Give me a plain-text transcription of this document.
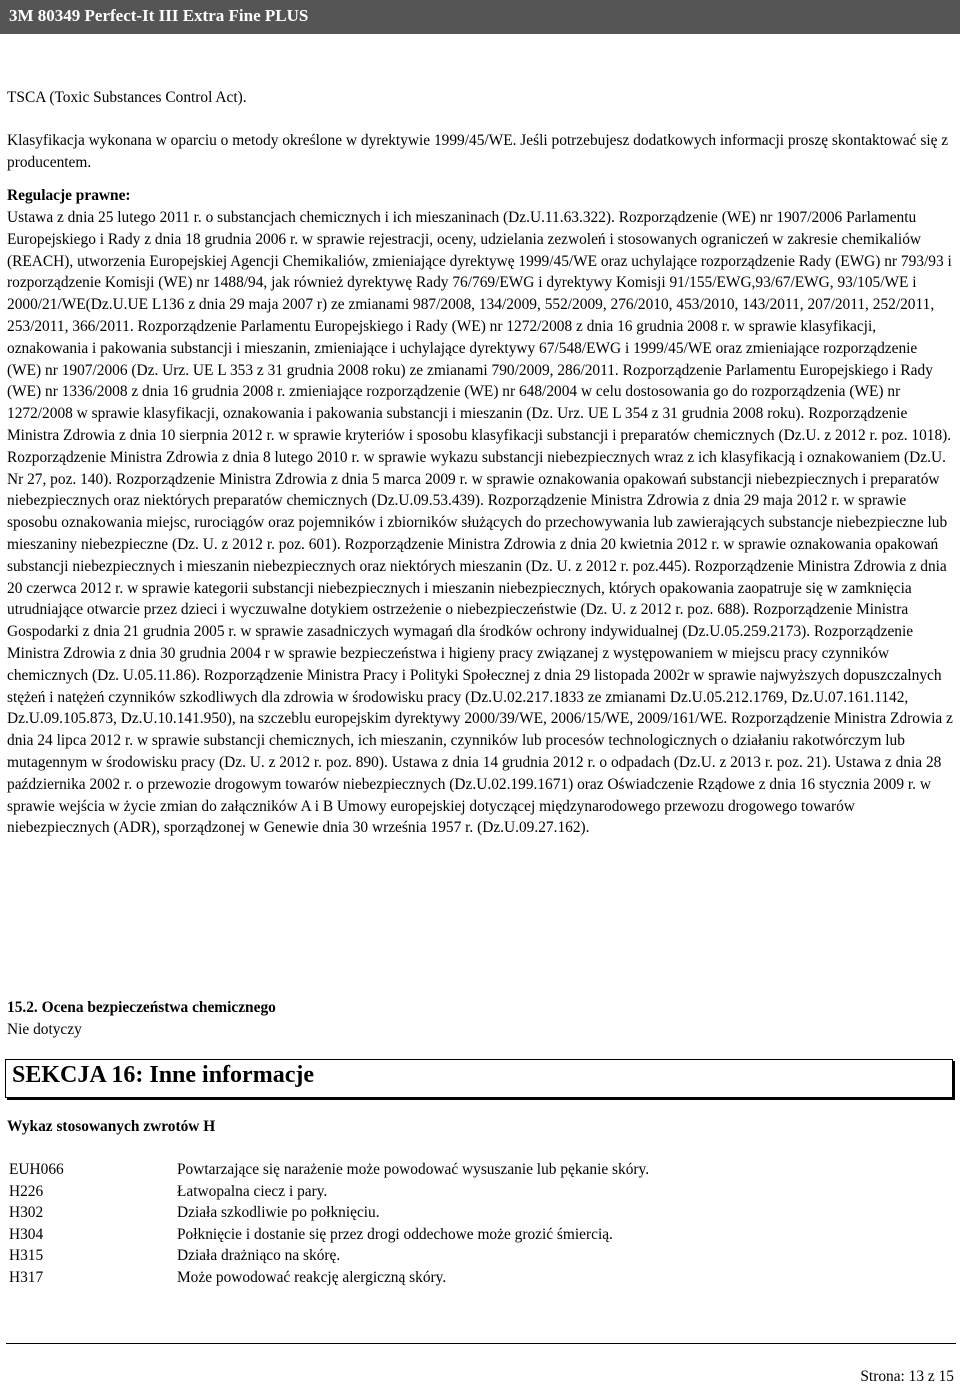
3M 80349 Perfect-It III Extra Fine PLUS

TSCA (Toxic Substances Control Act).

Klasyfikacja wykonana w oparciu o metody określone w dyrektywie 1999/45/WE. Jeśli potrzebujesz dodatkowych informacji proszę skontaktować się z producentem.

Regulacje prawne:

Ustawa z dnia 25 lutego 2011 r. o substancjach chemicznych i ich mieszaninach (Dz.U.11.63.322). Rozporządzenie (WE) nr 1907/2006 Parlamentu Europejskiego i Rady z dnia 18 grudnia 2006 r. w sprawie rejestracji, oceny, udzielania zezwoleń i stosowanych ograniczeń w zakresie chemikaliów (REACH), utworzenia Europejskiej Agencji Chemikaliów, zmieniające dyrektywę 1999/45/WE oraz uchylające rozporządzenie Rady (EWG) nr 793/93 i rozporządzenie Komisji (WE) nr 1488/94, jak również dyrektywę Rady 76/769/EWG i dyrektywy Komisji 91/155/EWG,93/67/EWG, 93/105/WE i 2000/21/WE(Dz.U.UE L136 z dnia 29 maja 2007 r) ze zmianami 987/2008, 134/2009, 552/2009, 276/2010, 453/2010, 143/2011, 207/2011, 252/2011, 253/2011, 366/2011. Rozporządzenie Parlamentu Europejskiego i Rady (WE) nr 1272/2008 z dnia 16 grudnia 2008 r. w sprawie klasyfikacji, oznakowania i pakowania substancji i mieszanin, zmieniające i uchylające dyrektywy 67/548/EWG i 1999/45/WE oraz zmieniające rozporządzenie (WE) nr 1907/2006 (Dz. Urz. UE L 353 z 31 grudnia 2008 roku) ze zmianami 790/2009, 286/2011. Rozporządzenie Parlamentu Europejskiego i Rady (WE) nr 1336/2008 z dnia 16 grudnia 2008 r. zmieniające rozporządzenie (WE) nr 648/2004 w celu dostosowania go do rozporządzenia (WE) nr 1272/2008 w sprawie klasyfikacji, oznakowania i pakowania substancji i mieszanin (Dz. Urz. UE L 354 z 31 grudnia 2008 roku). Rozporządzenie Ministra Zdrowia z dnia 10 sierpnia 2012 r. w sprawie kryteriów i sposobu klasyfikacji substancji i preparatów chemicznych (Dz.U. z 2012 r. poz. 1018). Rozporządzenie Ministra Zdrowia z dnia 8 lutego 2010 r. w sprawie wykazu substancji niebezpiecznych wraz z ich klasyfikacją i oznakowaniem (Dz.U. Nr 27, poz. 140). Rozporządzenie Ministra Zdrowia z dnia 5 marca 2009 r. w sprawie oznakowania opakowań substancji niebezpiecznych i preparatów niebezpiecznych oraz niektórych preparatów chemicznych (Dz.U.09.53.439). Rozporządzenie Ministra Zdrowia z dnia 29 maja 2012 r. w sprawie sposobu oznakowania miejsc, rurociągów oraz pojemników i zbiorników służących do przechowywania lub zawierających substancje niebezpieczne lub mieszaniny niebezpieczne (Dz. U. z 2012 r. poz. 601). Rozporządzenie Ministra Zdrowia z dnia 20 kwietnia 2012 r. w sprawie oznakowania opakowań substancji niebezpiecznych i mieszanin niebezpiecznych oraz niektórych mieszanin (Dz. U. z 2012 r. poz.445). Rozporządzenie Ministra Zdrowia z dnia 20 czerwca 2012 r. w sprawie kategorii substancji niebezpiecznych i mieszanin niebezpiecznych, których opakowania zaopatruje się w zamknięcia utrudniające otwarcie przez dzieci i wyczuwalne dotykiem ostrzeżenie o niebezpieczeństwie (Dz. U. z 2012 r. poz. 688). Rozporządzenie Ministra Gospodarki z dnia 21 grudnia 2005 r. w sprawie zasadniczych wymagań dla środków ochrony indywidualnej (Dz.U.05.259.2173). Rozporządzenie Ministra Zdrowia z dnia 30 grudnia 2004 r w sprawie bezpieczeństwa i higieny pracy związanej z występowaniem w miejscu pracy czynników chemicznych (Dz. U.05.11.86). Rozporządzenie Ministra Pracy i Polityki Społecznej z dnia 29 listopada 2002r w sprawie najwyższych dopuszczalnych stężeń i natężeń czynników szkodliwych dla zdrowia w środowisku pracy (Dz.U.02.217.1833 ze zmianami Dz.U.05.212.1769, Dz.U.07.161.1142, Dz.U.09.105.873, Dz.U.10.141.950), na szczeblu europejskim dyrektywy 2000/39/WE, 2006/15/WE, 2009/161/WE. Rozporządzenie Ministra Zdrowia z dnia 24 lipca 2012 r. w sprawie substancji chemicznych, ich mieszanin, czynników lub procesów technologicznych o działaniu rakotwórczym lub mutagennym w środowisku pracy (Dz. U. z 2012 r. poz. 890). Ustawa z dnia 14 grudnia 2012 r. o odpadach (Dz.U. z 2013 r. poz. 21). Ustawa z dnia 28 października 2002 r. o przewozie drogowym towarów niebezpiecznych (Dz.U.02.199.1671) oraz Oświadczenie Rządowe z dnia 16 stycznia 2009 r. w sprawie wejścia w życie zmian do załączników A i B Umowy europejskiej dotyczącej międzynarodowego przewozu drogowego towarów niebezpiecznych (ADR), sporządzonej w Genewie dnia 30 września 1957 r. (Dz.U.09.27.162).

15.2. Ocena bezpieczeństwa chemicznego

Nie dotyczy

SEKCJA 16: Inne informacje

Wykaz stosowanych zwrotów H

EUH066	Powtarzające się narażenie może powodować wysuszanie lub pękanie skóry.
H226	Łatwopalna ciecz i pary.
H302	Działa szkodliwie po połknięciu.
H304	Połknięcie i dostanie się przez drogi oddechowe może grozić śmiercią.
H315	Działa drażniąco na skórę.
H317	Może powodować reakcję alergiczną skóry.
Strona: 13 z 15
